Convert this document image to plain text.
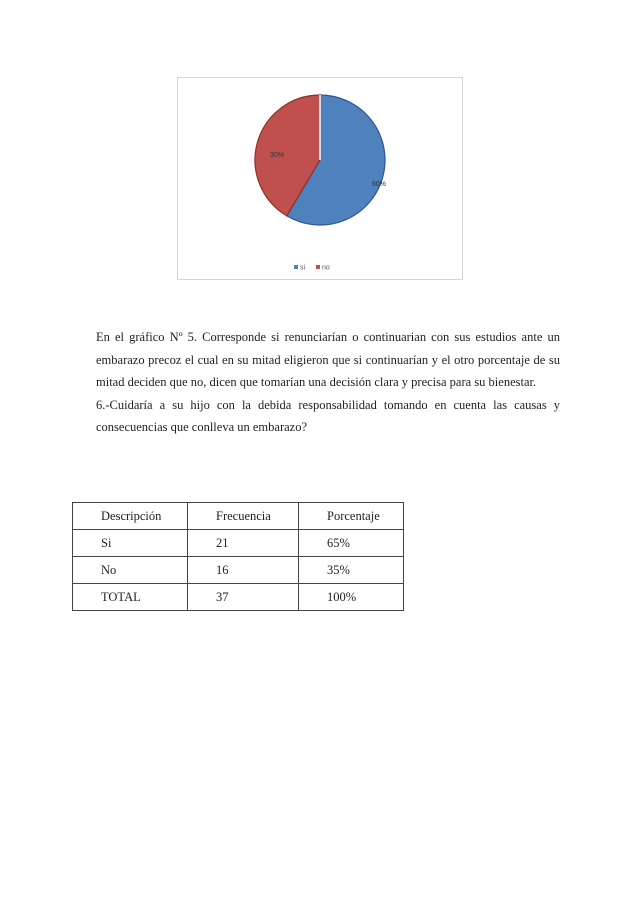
60%
30%
si no

En el gráfico Nº 5. Corresponde si renunciarían o continuarian con sus estudios ante un embarazo precoz el cual en su mitad eligieron que si continuarían y el otro porcentaje de su mitad deciden que no, dicen que tomarían una decisión clara y precisa para su bienestar.

6.-Cuidaría a su hijo con la debida responsabilidad tomando en cuenta las causas y consecuencias que conlleva un embarazo?

Descripción	Frecuencia	Porcentaje
Si	21	65%
No	16	35%
TOTAL	37	100%
